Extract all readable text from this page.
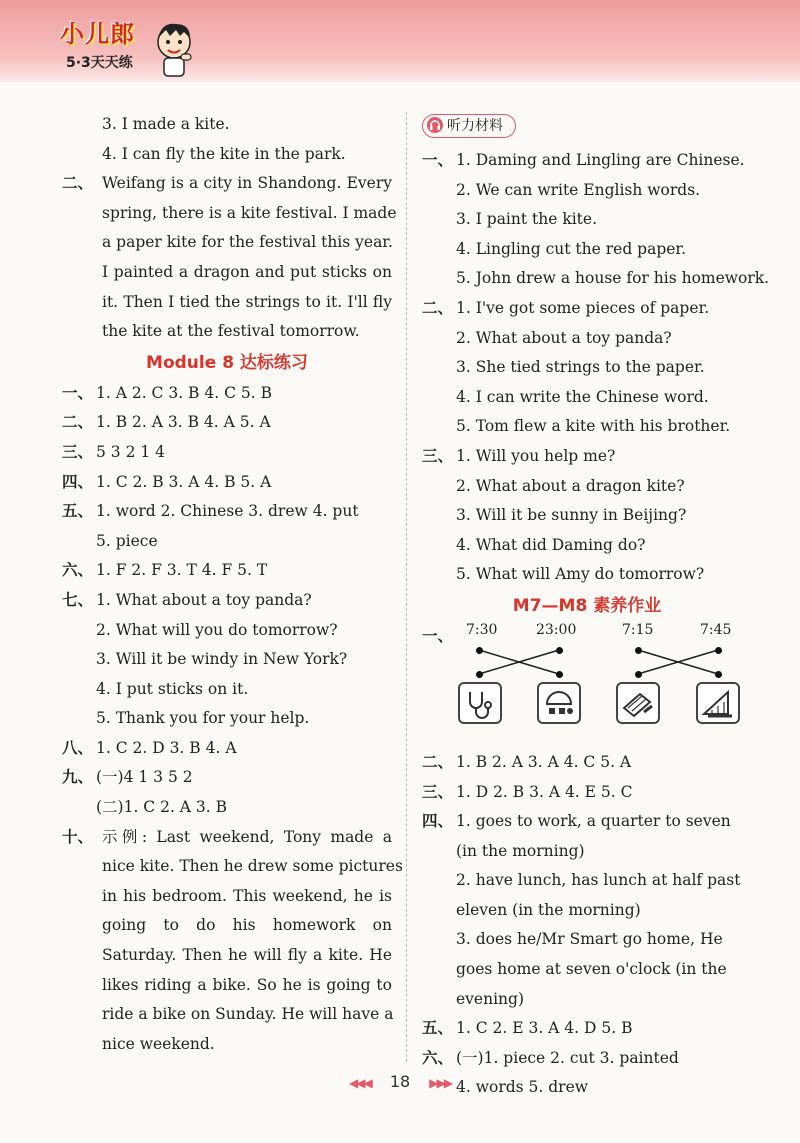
小儿郎
5·3天天练
3. I made a kite.
4. I can fly the kite in the park.
二、 Weifang is a city in Shandong. Every
spring, there is a kite festival. I made
a paper kite for the festival this year.
I painted a dragon and put sticks on
it. Then I tied the strings to it. I'll fly
the kite at the festival tomorrow.
Module 8 达标练习
一、 1. A 2. C 3. B 4. C 5. B
二、 1. B 2. A 3. B 4. A 5. A
三、 5 3 2 1 4
四、 1. C 2. B 3. A 4. B 5. A
五、 1. word 2. Chinese 3. drew 4. put
5. piece
六、 1. F 2. F 3. T 4. F 5. T
七、 1. What about a toy panda?
2. What will you do tomorrow?
3. Will it be windy in New York?
4. I put sticks on it.
5. Thank you for your help.
八、 1. C 2. D 3. B 4. A
九、 (一)4 1 3 5 2
(二)1. C 2. A 3. B
十、 示例: Last weekend, Tony made a
nice kite. Then he drew some pictures
in his bedroom. This weekend, he is
going to do his homework on
Saturday. Then he will fly a kite. He
likes riding a bike. So he is going to
ride a bike on Sunday. He will have a
nice weekend.
听力材料
一、 1. Daming and Lingling are Chinese.
2. We can write English words.
3. I paint the kite.
4. Lingling cut the red paper.
5. John drew a house for his homework.
二、 1. I've got some pieces of paper.
2. What about a toy panda?
3. She tied strings to the paper.
4. I can write the Chinese word.
5. Tom flew a kite with his brother.
三、 1. Will you help me?
2. What about a dragon kite?
3. Will it be sunny in Beijing?
4. What did Daming do?
5. What will Amy do tomorrow?
M7—M8 素养作业
一、 7:30	23:00	7:15	7:45
二、 1. B 2. A 3. A 4. C 5. A
三、 1. D 2. B 3. A 4. E 5. C
四、 1. goes to work, a quarter to seven
(in the morning)
2. have lunch, has lunch at half past
eleven (in the morning)
3. does he/Mr Smart go home, He
goes home at seven o'clock (in the
evening)
五、 1. C 2. E 3. A 4. D 5. B
六、 (一)1. piece 2. cut 3. painted
4. words 5. drew
◀◀◀ 18 ▶▶▶
